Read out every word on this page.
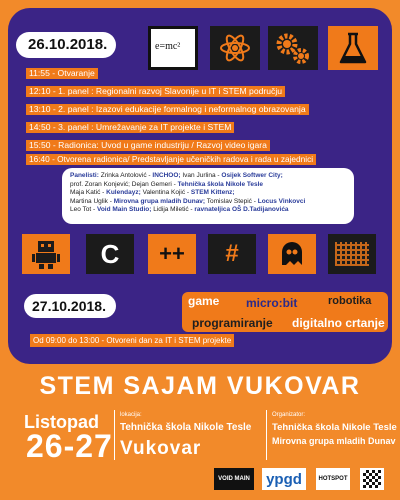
26.10.2018.	e=mc²
11:55 - Otvaranje
12:10 - 1. panel : Regionalni razvoj Slavonije u IT i STEM području
13:10 - 2. panel : Izazovi edukacije formalnog i neformalnog obrazovanja
14:50 - 3. panel : Umrežavanje za IT projekte i STEM
15:50 - Radionica: Uvod u game industriju / Razvoj video igara
16:40 - Otvorena radionica/ Predstavljanje učeničkih radova i rada u zajednici
Panelisti: Zrinka Antolović - INCHOO; Ivan Jurlina - Osijek Softwer City;
prof. Zoran Konjević; Dejan Gemeri - Tehnička škola Nikole Tesle
Maja Katić - Kulendayz; Valentina Kojić - STEM Kittenz;
Martina Uglik - Mirovna grupa mladih Dunav; Tomislav Stepić - Locus Vinkovci
Leo Tot - Void Main Studio; Lidija Miletić - ravnateljica OŠ D.Tadijanovića
C	++	#
game micro:bit	robotika
programiranje digitalno crtanje
27.10.2018.
Od 09:00 do 13:00 - Otvoreni dan za IT i STEM projekte
STEM SAJAM VUKOVAR
Listopad
26-27
lokacija:
Tehnička škola Nikole Tesle
Vukovar
Organizator:
Tehnička škola Nikole Tesle
Mirovna grupa mladih Dunav
VOID MAIN ypgd	HOTSPOT
